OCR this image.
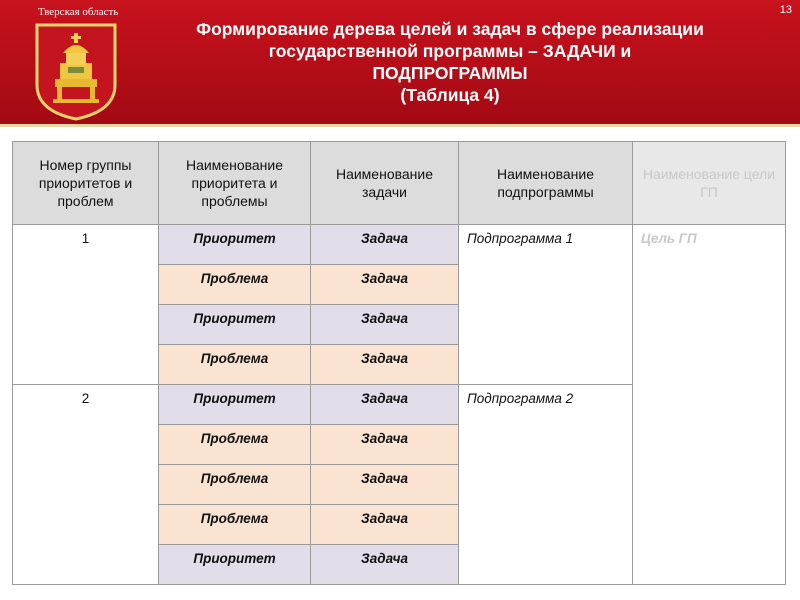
Тверская область	13
Формирование дерева целей и задач в сфере реализации
государственной программы – ЗАДАЧИ и
ПОДПРОГРАММЫ
(Таблица 4)
Номер группы приоритетов и проблем	Наименование приоритета и проблемы	Наименование задачи	Наименование подпрограммы	Наименование цели ГП

1	Приоритет	Задача	Подпрограмма 1	Цель ГП

	Проблема	Задача		

	Приоритет	Задача		

	Проблема	Задача		

2	Приоритет	Задача	Подпрограмма 2	

	Проблема	Задача		

	Проблема	Задача		

	Проблема	Задача		

	Приоритет	Задача		
